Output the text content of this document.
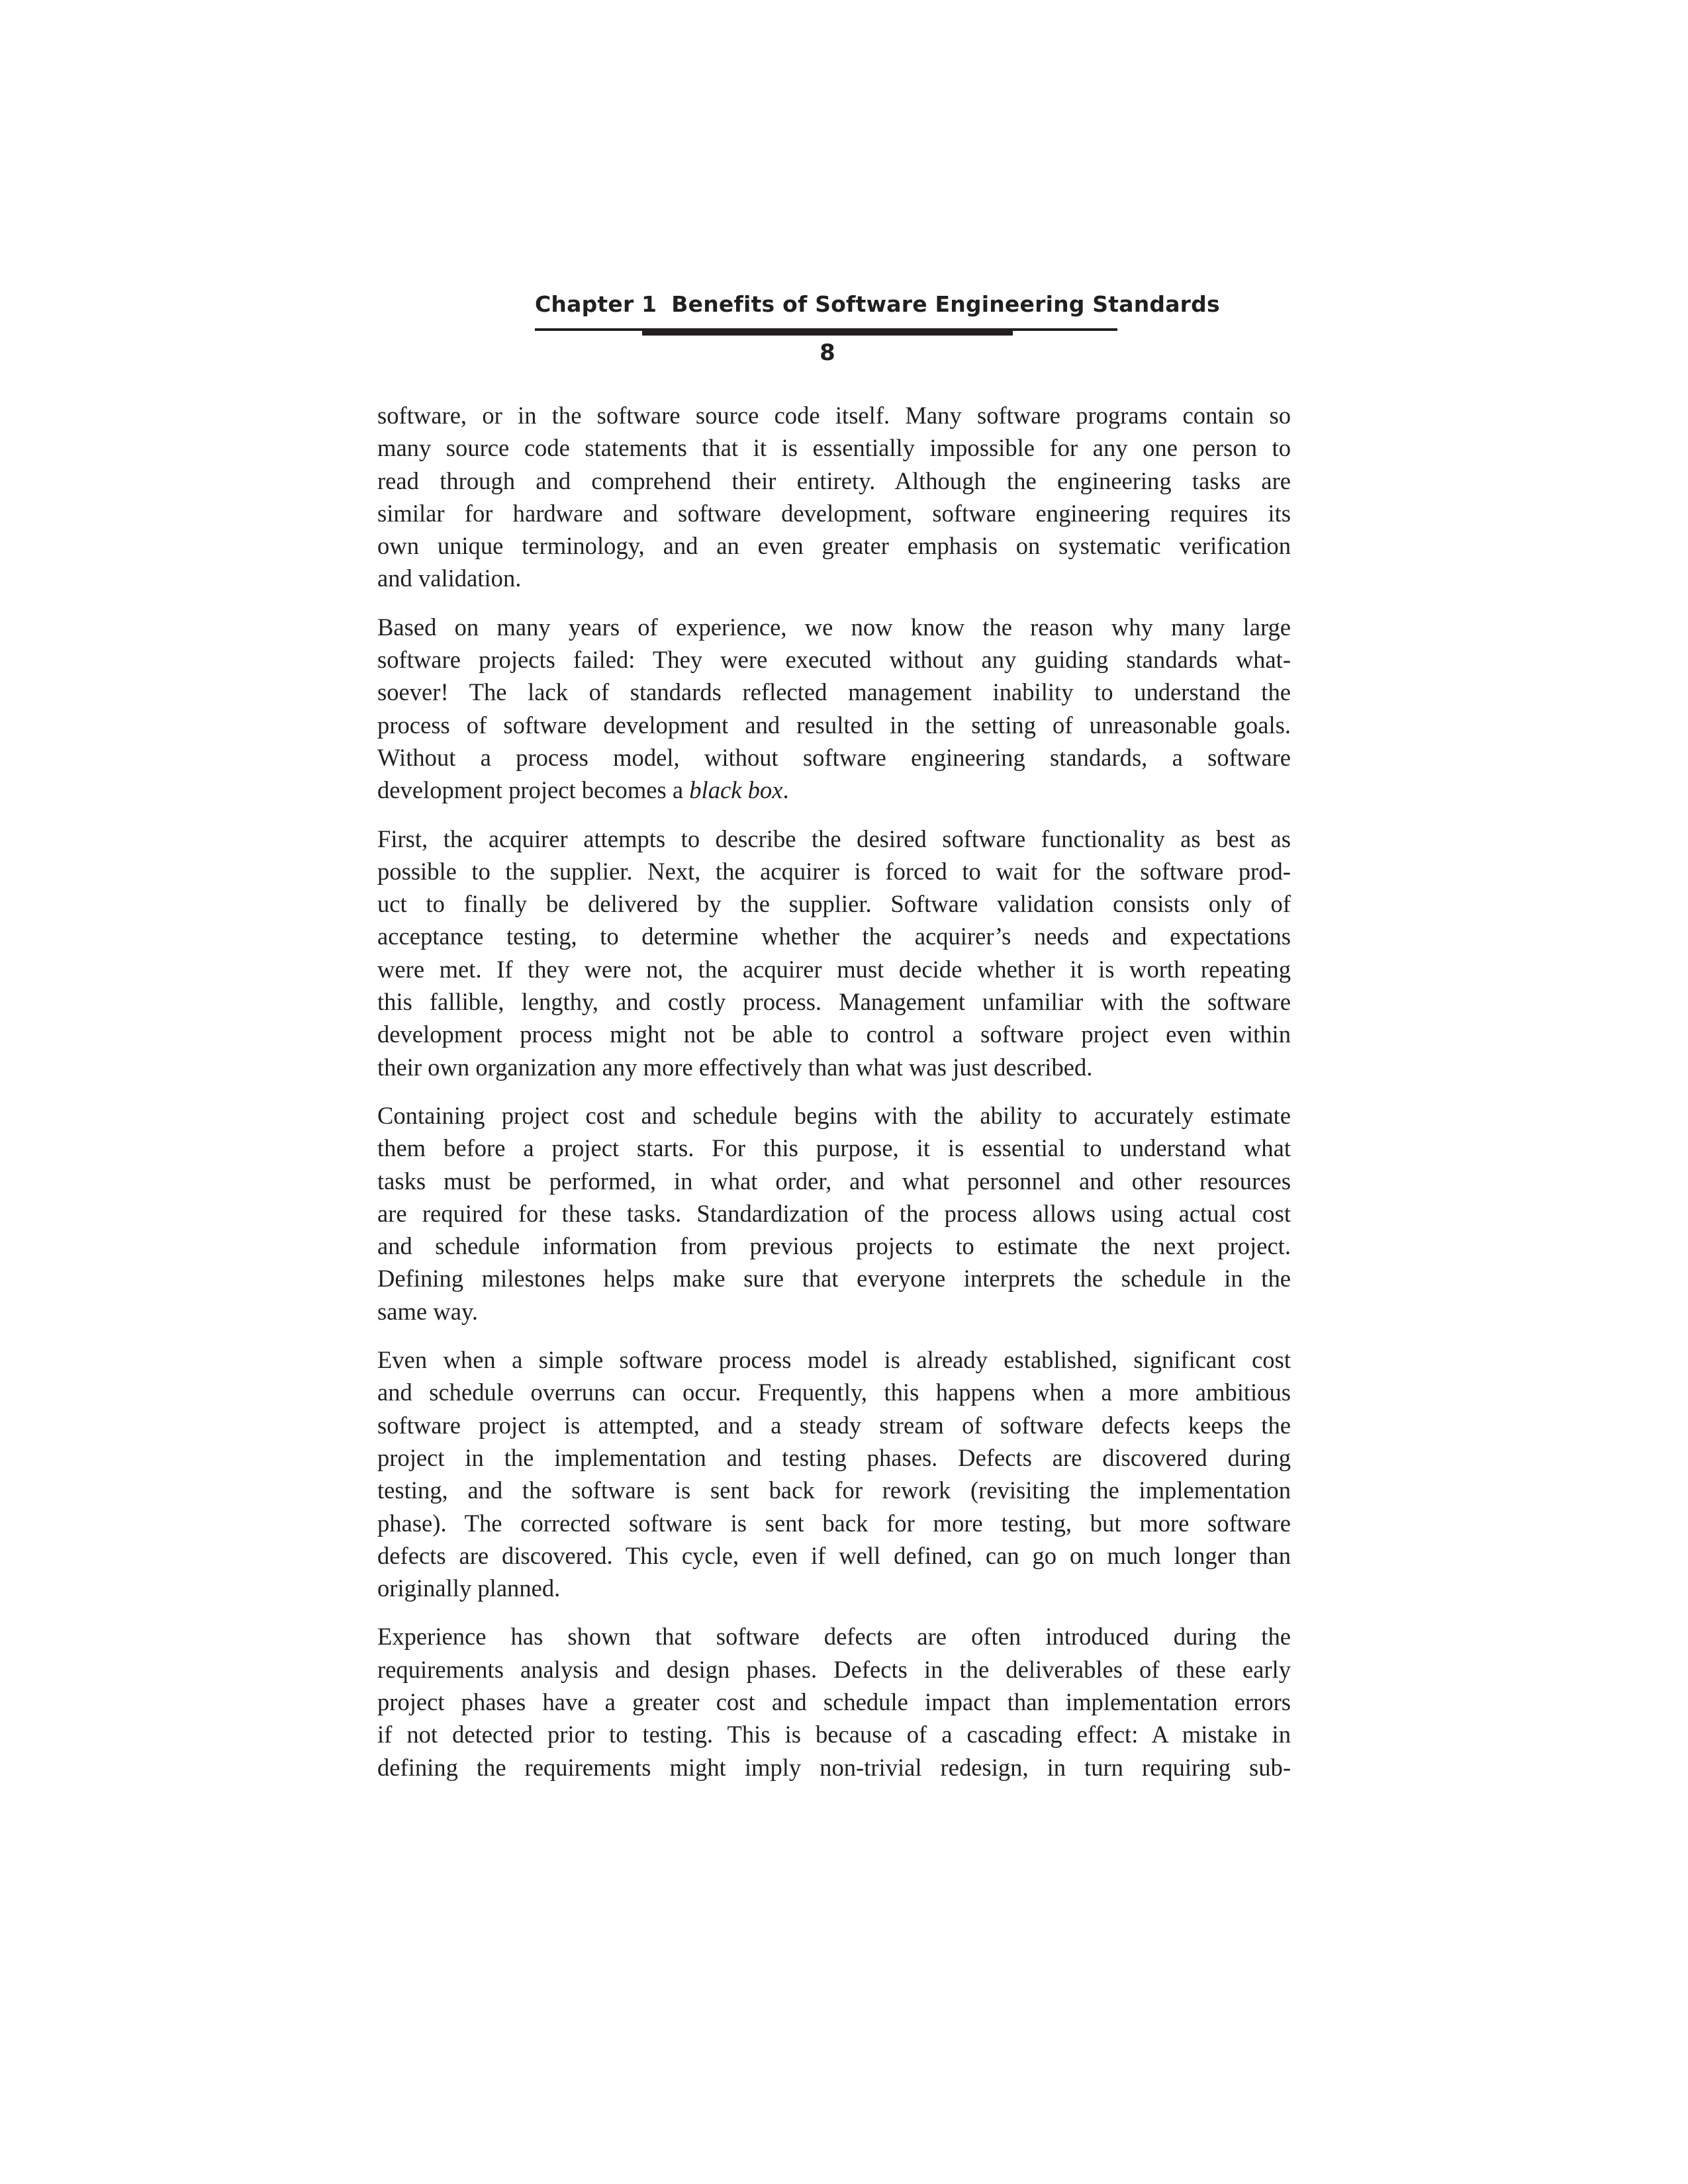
Chapter 1 Benefits of Software Engineering Standards
8

software, or in the software source code itself. Many software programs contain so
many source code statements that it is essentially impossible for any one person to
read through and comprehend their entirety. Although the engineering tasks are
similar for hardware and software development, software engineering requires its
own unique terminology, and an even greater emphasis on systematic verification
and validation.

Based on many years of experience, we now know the reason why many large
software projects failed: They were executed without any guiding standards what-
soever! The lack of standards reflected management inability to understand the
process of software development and resulted in the setting of unreasonable goals.
Without a process model, without software engineering standards, a software
development project becomes a black box.

First, the acquirer attempts to describe the desired software functionality as best as
possible to the supplier. Next, the acquirer is forced to wait for the software prod-
uct to finally be delivered by the supplier. Software validation consists only of
acceptance testing, to determine whether the acquirer’s needs and expectations
were met. If they were not, the acquirer must decide whether it is worth repeating
this fallible, lengthy, and costly process. Management unfamiliar with the software
development process might not be able to control a software project even within
their own organization any more effectively than what was just described.

Containing project cost and schedule begins with the ability to accurately estimate
them before a project starts. For this purpose, it is essential to understand what
tasks must be performed, in what order, and what personnel and other resources
are required for these tasks. Standardization of the process allows using actual cost
and schedule information from previous projects to estimate the next project.
Defining milestones helps make sure that everyone interprets the schedule in the
same way.

Even when a simple software process model is already established, significant cost
and schedule overruns can occur. Frequently, this happens when a more ambitious
software project is attempted, and a steady stream of software defects keeps the
project in the implementation and testing phases. Defects are discovered during
testing, and the software is sent back for rework (revisiting the implementation
phase). The corrected software is sent back for more testing, but more software
defects are discovered. This cycle, even if well defined, can go on much longer than
originally planned.

Experience has shown that software defects are often introduced during the
requirements analysis and design phases. Defects in the deliverables of these early
project phases have a greater cost and schedule impact than implementation errors
if not detected prior to testing. This is because of a cascading effect: A mistake in
defining the requirements might imply non-trivial redesign, in turn requiring sub-
